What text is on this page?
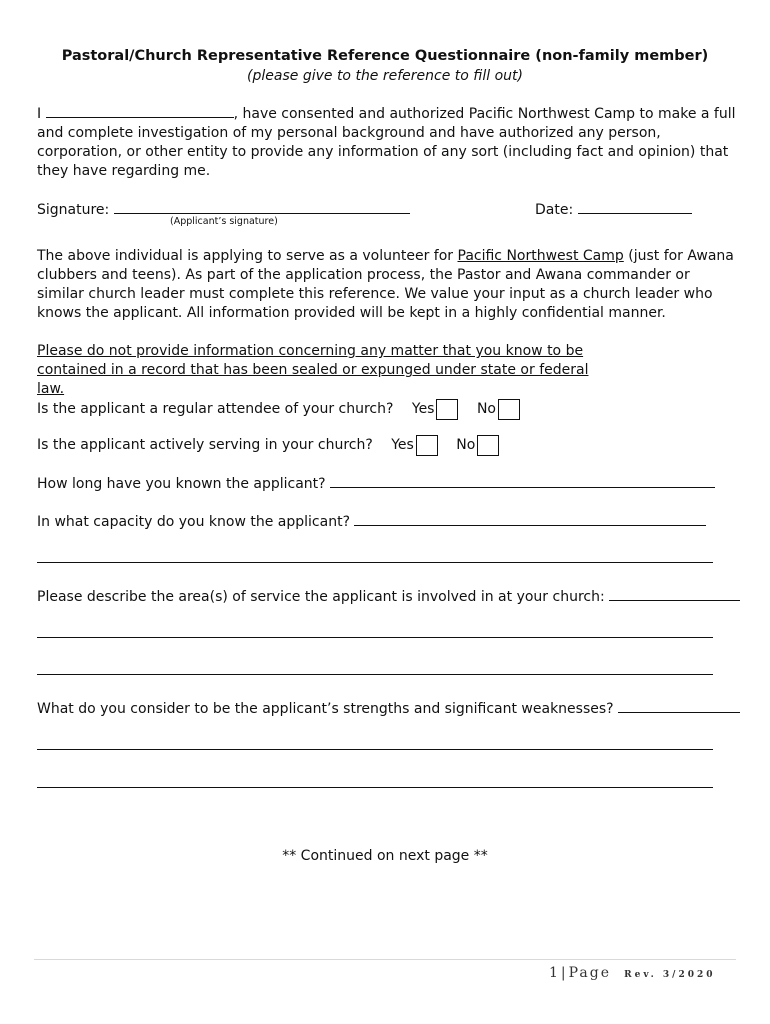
Pastoral/Church Representative Reference Questionnaire (non-family member)
(please give to the reference to fill out)
I	, have consented and authorized Pacific Northwest Camp to make a full and complete investigation of my personal background and have authorized any person, corporation, or other entity to provide any information of any sort (including fact and opinion) that they have regarding me.
Signature:
(Applicant’s signature)
Date:
The above individual is applying to serve as a volunteer for Pacific Northwest Camp (just for Awana clubbers and teens). As part of the application process, the Pastor and Awana commander or similar church leader must complete this reference. We value your input as a church leader who knows the applicant. All information provided will be kept in a highly confidential manner.
Please do not provide information concerning any matter that you know to be contained in a record that has been sealed or expunged under state or federal law.
Is the applicant a regular attendee of your church? Yes	No
Is the applicant actively serving in your church? Yes	No
How long have you known the applicant?
In what capacity do you know the applicant?
Please describe the area(s) of service the applicant is involved in at your church:
What do you consider to be the applicant’s strengths and significant weaknesses?
** Continued on next page **
1 | Page Rev. 3/2020
